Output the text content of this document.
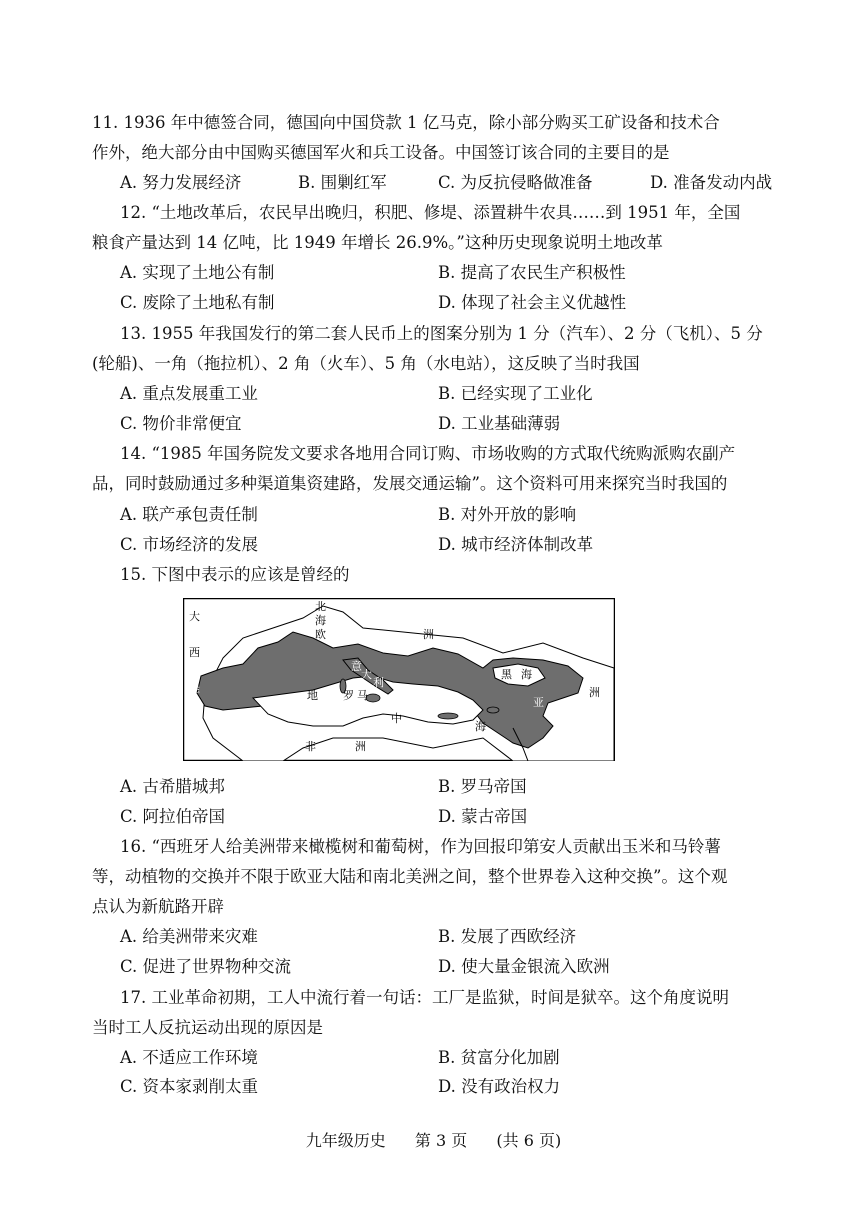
11. 1936 年中德签合同，德国向中国贷款 1 亿马克，除小部分购买工矿设备和技术合
作外，绝大部分由中国购买德国军火和兵工设备。中国签订该合同的主要目的是
A. 努力发展经济	B. 围剿红军	C. 为反抗侵略做准备	D. 准备发动内战
12. “土地改革后，农民早出晚归，积肥、修堤、添置耕牛农具……到 1951 年，全国
粮食产量达到 14 亿吨，比 1949 年增长 26.9%。”这种历史现象说明土地改革
A. 实现了土地公有制	B. 提高了农民生产积极性
C. 废除了土地私有制	D. 体现了社会主义优越性
13. 1955 年我国发行的第二套人民币上的图案分别为 1 分（汽车）、2 分（飞机）、5 分
(轮船)、一角（拖拉机）、2 角（火车）、5 角（水电站），这反映了当时我国
A. 重点发展重工业	B. 已经实现了工业化
C. 物价非常便宜	D. 工业基础薄弱
14. “1985 年国务院发文要求各地用合同订购、市场收购的方式取代统购派购农副产
品，同时鼓励通过多种渠道集资建路，发展交通运输”。这个资料可用来探究当时我国的
A. 联产承包责任制	B. 对外开放的影响
C. 市场经济的发展	D. 城市经济体制改革
15. 下图中表示的应该是曾经的
大
西
洋
北
海
欧	洲
意
大
利
地 罗 马
中
海
黑 海
亚
洲
非	洲
A. 古希腊城邦	B. 罗马帝国
C. 阿拉伯帝国	D. 蒙古帝国
16. “西班牙人给美洲带来橄榄树和葡萄树，作为回报印第安人贡献出玉米和马铃薯
等，动植物的交换并不限于欧亚大陆和南北美洲之间，整个世界卷入这种交换”。这个观
点认为新航路开辟
A. 给美洲带来灾难	B. 发展了西欧经济
C. 促进了世界物种交流	D. 使大量金银流入欧洲
17. 工业革命初期，工人中流行着一句话：工厂是监狱，时间是狱卒。这个角度说明
当时工人反抗运动出现的原因是
A. 不适应工作环境	B. 贫富分化加剧
C. 资本家剥削太重	D. 没有政治权力
九年级历史 第 3 页 (共 6 页)
